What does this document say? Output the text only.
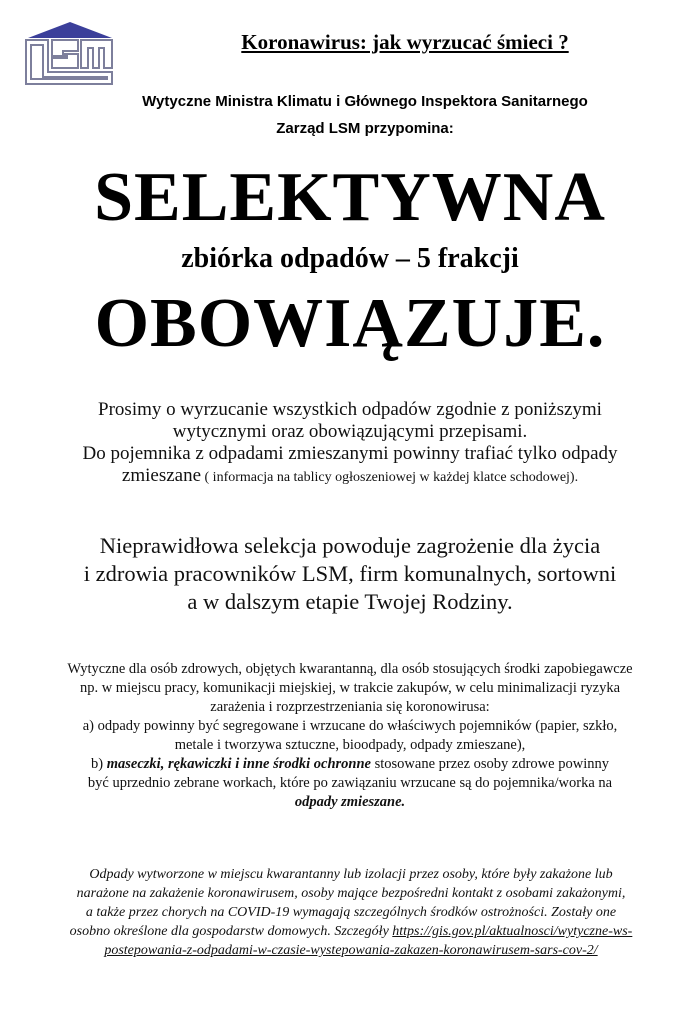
Koronawirus: jak wyrzucać śmieci ?
Wytyczne Ministra Klimatu i Głównego Inspektora Sanitarnego
Zarząd LSM przypomina:
SELEKTYWNA
zbiórka odpadów – 5 frakcji
OBOWIĄZUJE.
Prosimy o wyrzucanie wszystkich odpadów zgodnie z poniższymi
wytycznymi oraz obowiązującymi przepisami.
Do pojemnika z odpadami zmieszanymi powinny trafiać tylko odpady
zmieszane ( informacja na tablicy ogłoszeniowej w każdej klatce schodowej).
Nieprawidłowa selekcja powoduje zagrożenie dla życia
i zdrowia pracowników LSM, firm komunalnych, sortowni
a w dalszym etapie Twojej Rodziny.
Wytyczne dla osób zdrowych, objętych kwarantanną, dla osób stosujących środki zapobiegawcze
np. w miejscu pracy, komunikacji miejskiej, w trakcie zakupów, w celu minimalizacji ryzyka
zarażenia i rozprzestrzeniania się koronowirusa:
a) odpady powinny być segregowane i wrzucane do właściwych pojemników (papier, szkło,
metale i tworzywa sztuczne, bioodpady, odpady zmieszane),
b) maseczki, rękawiczki i inne środki ochronne stosowane przez osoby zdrowe powinny
być uprzednio zebrane workach, które po zawiązaniu wrzucane są do pojemnika/worka na
odpady zmieszane.
Odpady wytworzone w miejscu kwarantanny lub izolacji przez osoby, które były zakażone lub
narażone na zakażenie koronawirusem, osoby mające bezpośredni kontakt z osobami zakażonymi,
a także przez chorych na COVID-19 wymagają szczególnych środków ostrożności. Zostały one
osobno określone dla gospodarstw domowych. Szczegóły https://gis.gov.pl/aktualnosci/wytyczne-ws-
postepowania-z-odpadami-w-czasie-wystepowania-zakazen-koronawirusem-sars-cov-2/
